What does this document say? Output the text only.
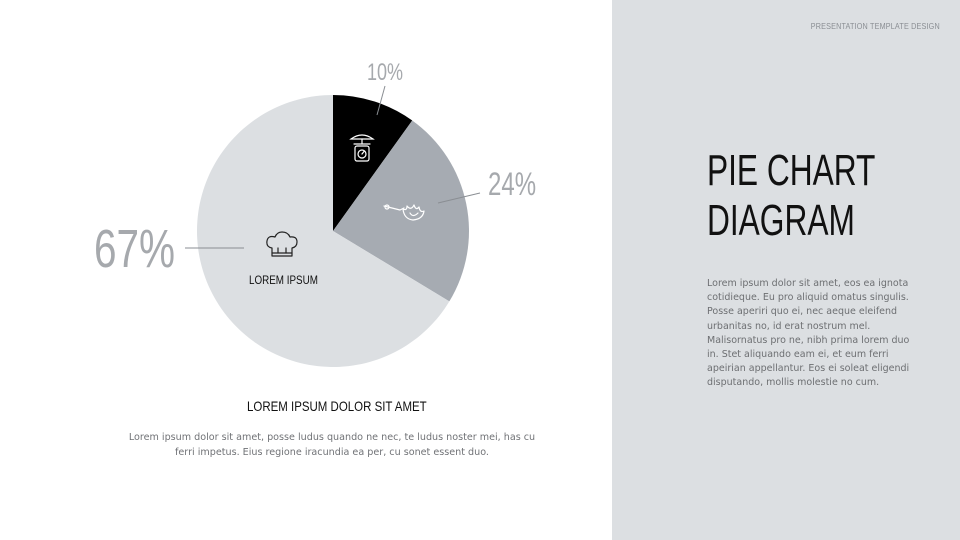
PRESENTATION TEMPLATE DESIGN
PIE CHART
DIAGRAM
Lorem ipsum dolor sit amet, eos ea ignota cotidieque. Eu pro aliquid omatus singulis. Posse aperiri quo ei, nec aeque eleifend urbanitas no, id erat nostrum mel. Malisornatus pro ne, nibh prima lorem duo in. Stet aliquando eam ei, et eum ferri apeirian appellantur. Eos ei soleat eligendi disputando, mollis molestie no cum.
10%
24%
67%
LOREM IPSUM
LOREM IPSUM DOLOR SIT AMET
Lorem ipsum dolor sit amet, posse ludus quando ne nec, te ludus noster mei, has cu ferri impetus. Eius regione iracundia ea per, cu sonet essent duo.
